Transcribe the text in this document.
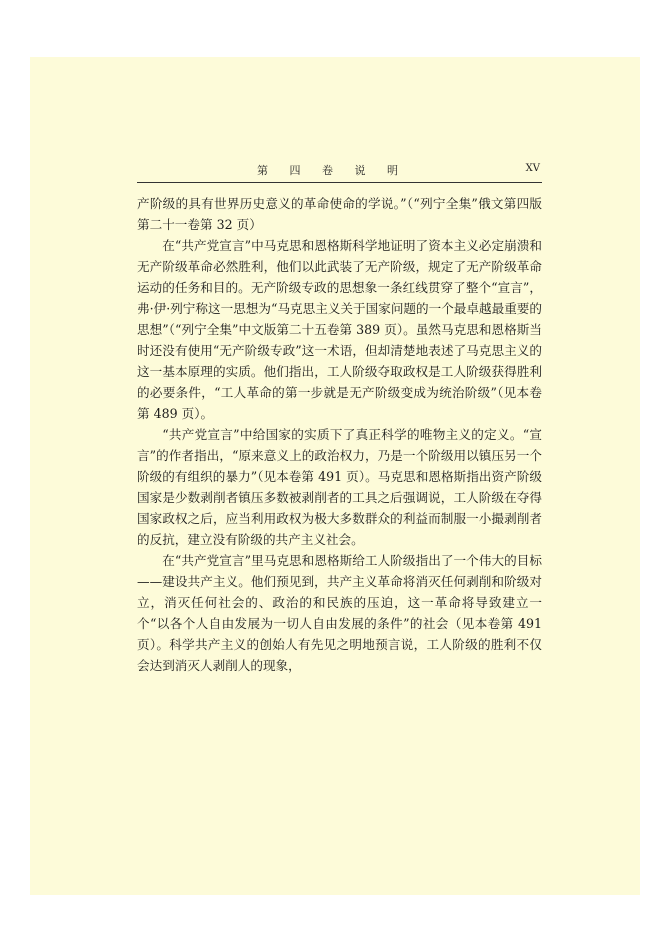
第 四 卷 说 明	XV

产阶级的具有世界历史意义的革命使命的学说。”（“列宁全集”俄文第四版第二十一卷第 32 页）

在“共产党宣言”中马克思和恩格斯科学地证明了资本主义必定崩溃和无产阶级革命必然胜利，他们以此武装了无产阶级，规定了无产阶级革命运动的任务和目的。无产阶级专政的思想象一条红线贯穿了整个“宣言”，弗·伊·列宁称这一思想为“马克思主义关于国家问题的一个最卓越最重要的思想”（“列宁全集”中文版第二十五卷第 389 页）。虽然马克思和恩格斯当时还没有使用“无产阶级专政”这一术语，但却清楚地表述了马克思主义的这一基本原理的实质。他们指出，工人阶级夺取政权是工人阶级获得胜利的必要条件，“工人革命的第一步就是无产阶级变成为统治阶级”（见本卷第 489 页）。

“共产党宣言”中给国家的实质下了真正科学的唯物主义的定义。“宣言”的作者指出，“原来意义上的政治权力，乃是一个阶级用以镇压另一个阶级的有组织的暴力”（见本卷第 491 页）。马克思和恩格斯指出资产阶级国家是少数剥削者镇压多数被剥削者的工具之后强调说，工人阶级在夺得国家政权之后，应当利用政权为极大多数群众的利益而制服一小撮剥削者的反抗，建立没有阶级的共产主义社会。

在“共产党宣言”里马克思和恩格斯给工人阶级指出了一个伟大的目标——建设共产主义。他们预见到，共产主义革命将消灭任何剥削和阶级对立，消灭任何社会的、政治的和民族的压迫，这一革命将导致建立一个“以各个人自由发展为一切人自由发展的条件”的社会（见本卷第 491 页）。科学共产主义的创始人有先见之明地预言说，工人阶级的胜利不仅会达到消灭人剥削人的现象，
